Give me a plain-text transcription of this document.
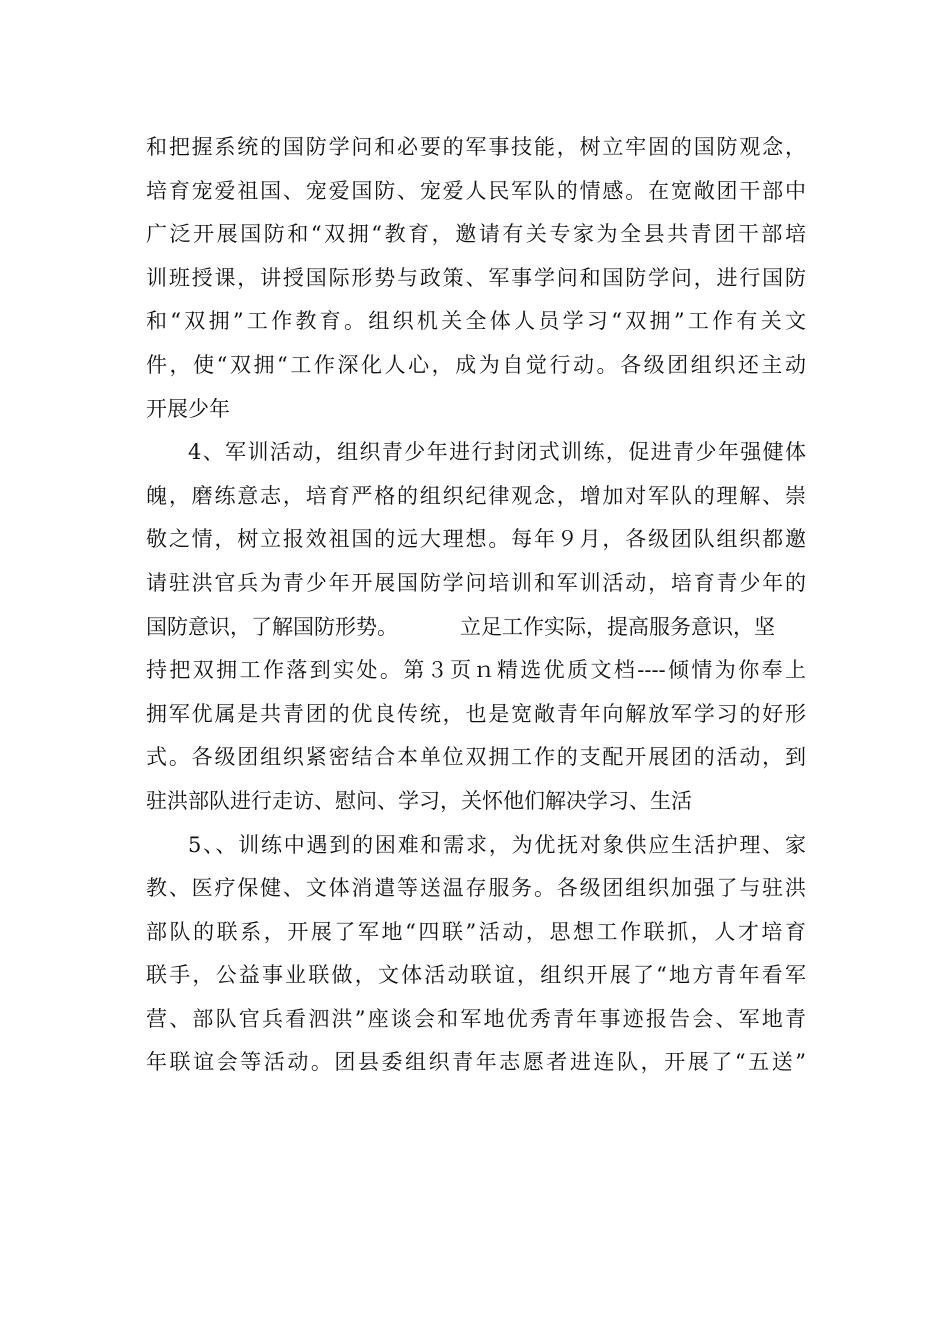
和把握系统的国防学问和必要的军事技能，树立牢固的国防观念，
培育宠爱祖国、宠爱国防、宠爱人民军队的情感。在宽敞团干部中
广泛开展国防和“双拥“教育，邀请有关专家为全县共青团干部培
训班授课，讲授国际形势与政策、军事学问和国防学问，进行国防
和“双拥”工作教育。组织机关全体人员学习“双拥”工作有关文
件，使“双拥“工作深化人心，成为自觉行动。各级团组织还主动
开展少年
4、军训活动，组织青少年进行封闭式训练，促进青少年强健体
魄，磨练意志，培育严格的组织纪律观念，增加对军队的理解、崇
敬之情，树立报效祖国的远大理想。每年９月，各级团队组织都邀
请驻洪官兵为青少年开展国防学问培训和军训活动，培育青少年的
国防意识，了解国防形势。	立足工作实际，提高服务意识，坚
持把双拥工作落到实处。第３页ｎ精选优质文档----倾情为你奉上
拥军优属是共青团的优良传统，也是宽敞青年向解放军学习的好形
式。各级团组织紧密结合本单位双拥工作的支配开展团的活动，到
驻洪部队进行走访、慰问、学习，关怀他们解决学习、生活
5、、训练中遇到的困难和需求，为优抚对象供应生活护理、家
教、医疗保健、文体消遣等送温存服务。各级团组织加强了与驻洪
部队的联系，开展了军地“四联”活动，思想工作联抓，人才培育
联手，公益事业联做，文体活动联谊，组织开展了“地方青年看军
营、部队官兵看泗洪”座谈会和军地优秀青年事迹报告会、军地青
年联谊会等活动。团县委组织青年志愿者进连队，开展了“五送”
